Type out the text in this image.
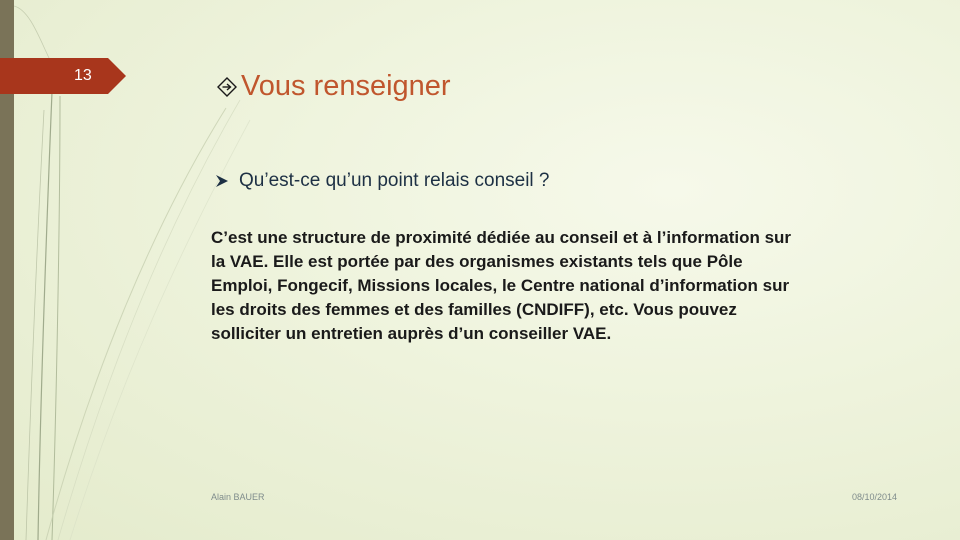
13	Vous renseigner
Qu’est-ce qu’un point relais conseil ?
C’est une structure de proximité dédiée au conseil et à l’information sur la VAE. Elle est portée par des organismes existants tels que Pôle Emploi, Fongecif, Missions locales, le Centre national d’information sur les droits des femmes et des familles (CNDIFF), etc. Vous pouvez solliciter un entretien auprès d’un conseiller VAE.
Alain BAUER	08/10/2014
